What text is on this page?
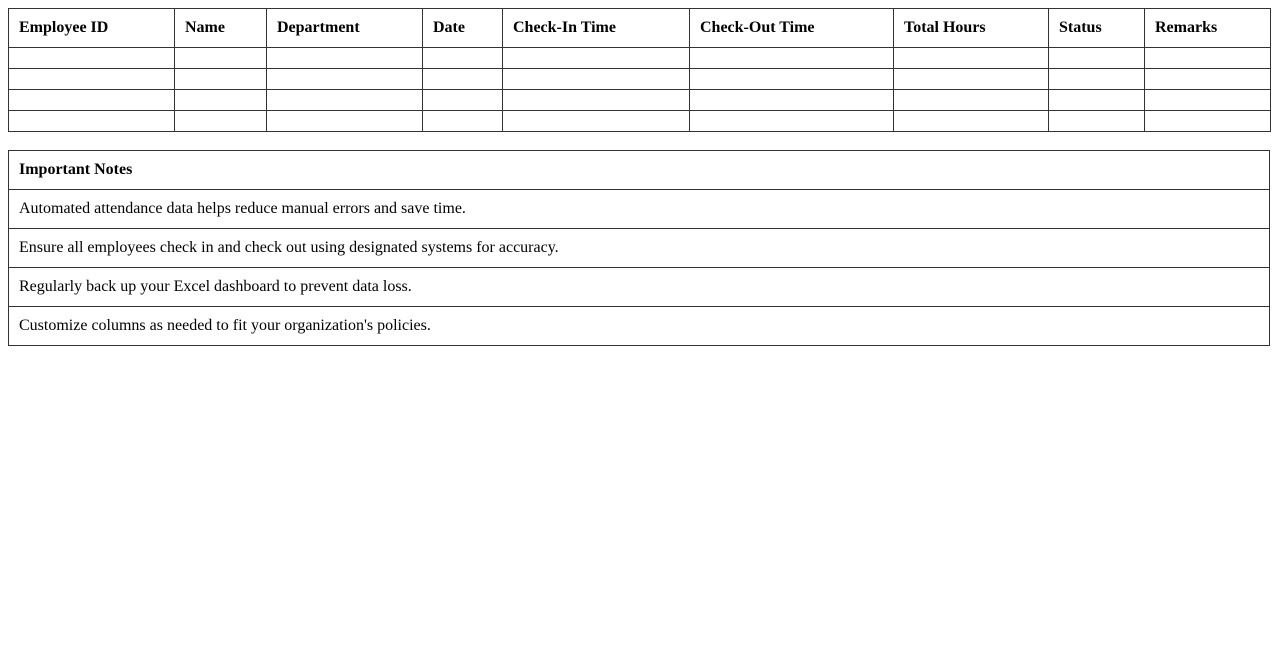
Employee ID	Name	Department	Date	Check-In Time	Check-Out Time	Total Hours	Status	Remarks

Important Notes
Automated attendance data helps reduce manual errors and save time.
Ensure all employees check in and check out using designated systems for accuracy.
Regularly back up your Excel dashboard to prevent data loss.
Customize columns as needed to fit your organization's policies.
